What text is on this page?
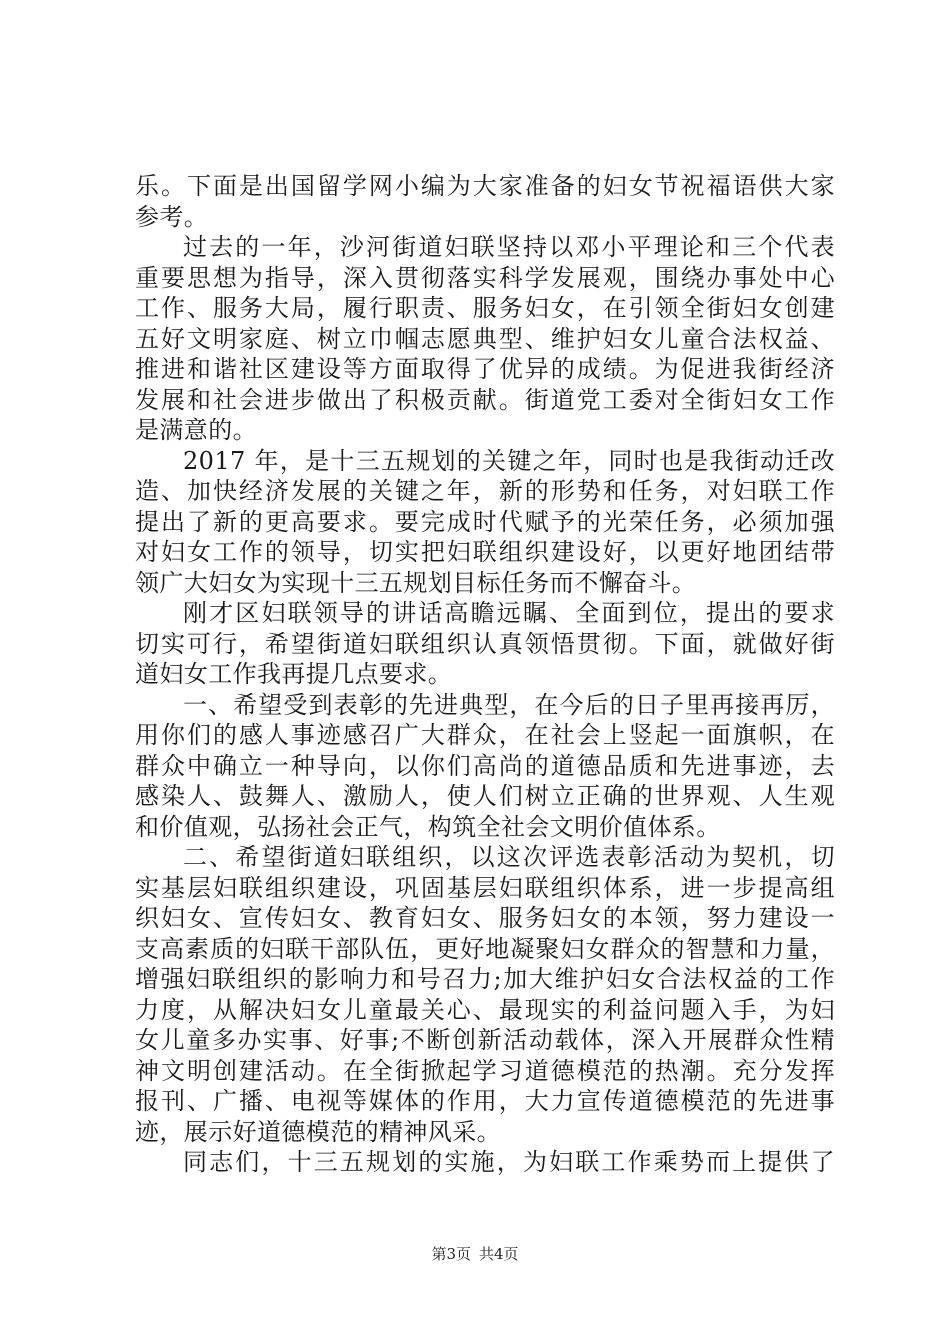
乐。下面是出国留学网小编为大家准备的妇女节祝福语供大家
参考。
过去的一年，沙河街道妇联坚持以邓小平理论和三个代表
重要思想为指导，深入贯彻落实科学发展观，围绕办事处中心
工作、服务大局，履行职责、服务妇女，在引领全街妇女创建
五好文明家庭、树立巾帼志愿典型、维护妇女儿童合法权益、
推进和谐社区建设等方面取得了优异的成绩。为促进我街经济
发展和社会进步做出了积极贡献。街道党工委对全街妇女工作
是满意的。
2017 年，是十三五规划的关键之年，同时也是我街动迁改
造、加快经济发展的关键之年，新的形势和任务，对妇联工作
提出了新的更高要求。要完成时代赋予的光荣任务，必须加强
对妇女工作的领导，切实把妇联组织建设好，以更好地团结带
领广大妇女为实现十三五规划目标任务而不懈奋斗。
刚才区妇联领导的讲话高瞻远瞩、全面到位，提出的要求
切实可行，希望街道妇联组织认真领悟贯彻。下面，就做好街
道妇女工作我再提几点要求。
一、希望受到表彰的先进典型，在今后的日子里再接再厉，
用你们的感人事迹感召广大群众，在社会上竖起一面旗帜，在
群众中确立一种导向，以你们高尚的道德品质和先进事迹，去
感染人、鼓舞人、激励人，使人们树立正确的世界观、人生观
和价值观，弘扬社会正气，构筑全社会文明价值体系。
二、希望街道妇联组织，以这次评选表彰活动为契机，切
实基层妇联组织建设，巩固基层妇联组织体系，进一步提高组
织妇女、宣传妇女、教育妇女、服务妇女的本领，努力建设一
支高素质的妇联干部队伍，更好地凝聚妇女群众的智慧和力量，
增强妇联组织的影响力和号召力;加大维护妇女合法权益的工作
力度，从解决妇女儿童最关心、最现实的利益问题入手，为妇
女儿童多办实事、好事;不断创新活动载体，深入开展群众性精
神文明创建活动。在全街掀起学习道德模范的热潮。充分发挥
报刊、广播、电视等媒体的作用，大力宣传道德模范的先进事
迹，展示好道德模范的精神风采。
同志们，十三五规划的实施，为妇联工作乘势而上提供了
第3页 共4页
